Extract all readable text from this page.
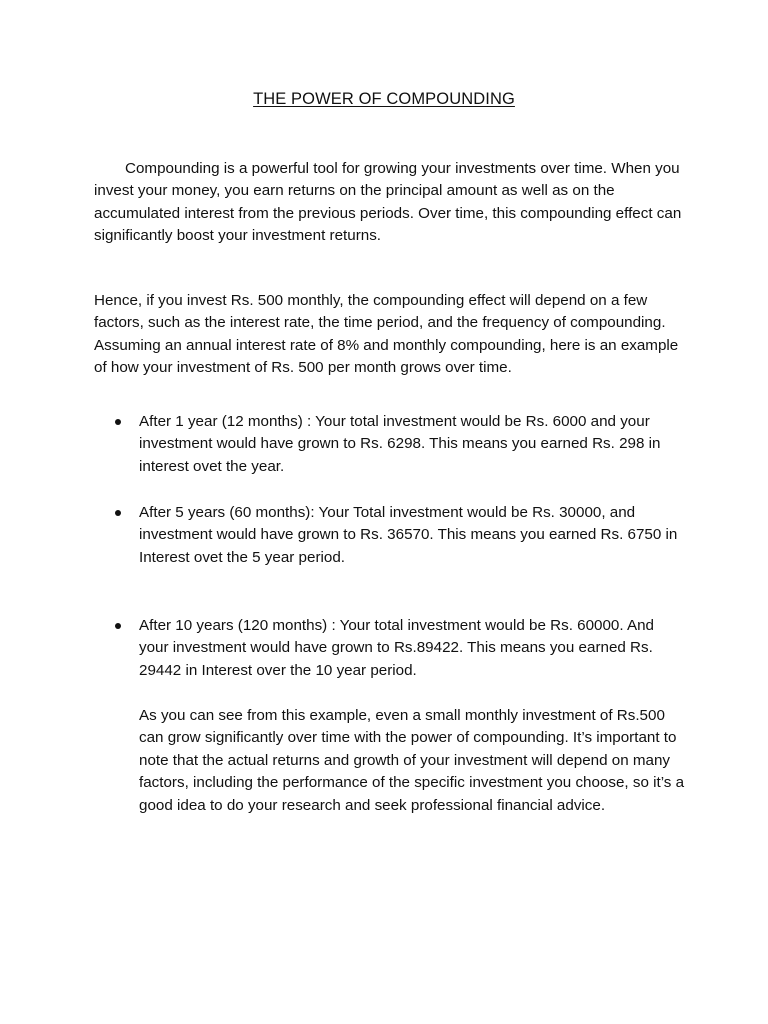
THE POWER OF COMPOUNDING

Compounding is a powerful tool for growing your investments over time. When you invest your money, you earn returns on the principal amount as well as on the accumulated interest from the previous periods. Over time, this compounding effect can significantly boost your investment returns.

Hence, if you invest Rs. 500 monthly, the compounding effect will depend on a few factors, such as the interest rate, the time period, and the frequency of compounding. Assuming an annual interest rate of 8% and monthly compounding, here is an example of how your investment of Rs. 500 per month grows over time.

After 1 year (12 months) : Your total investment would be Rs. 6000 and your investment would have grown to Rs. 6298. This means you earned Rs. 298 in interest ovet the year.
After 5 years (60 months): Your Total investment would be Rs. 30000, and investment would have grown to Rs. 36570. This means you earned Rs. 6750 in Interest ovet the 5 year period.
After 10 years (120 months) : Your total investment would be Rs. 60000. And your investment would have grown to Rs.89422. This means you earned Rs. 29442 in Interest over the 10 year period.

As you can see from this example, even a small monthly investment of Rs.500 can grow significantly over time with the power of compounding. It’s important to note that the actual returns and growth of your investment will depend on many factors, including the performance of the specific investment you choose, so it’s a good idea to do your research and seek professional financial advice.
